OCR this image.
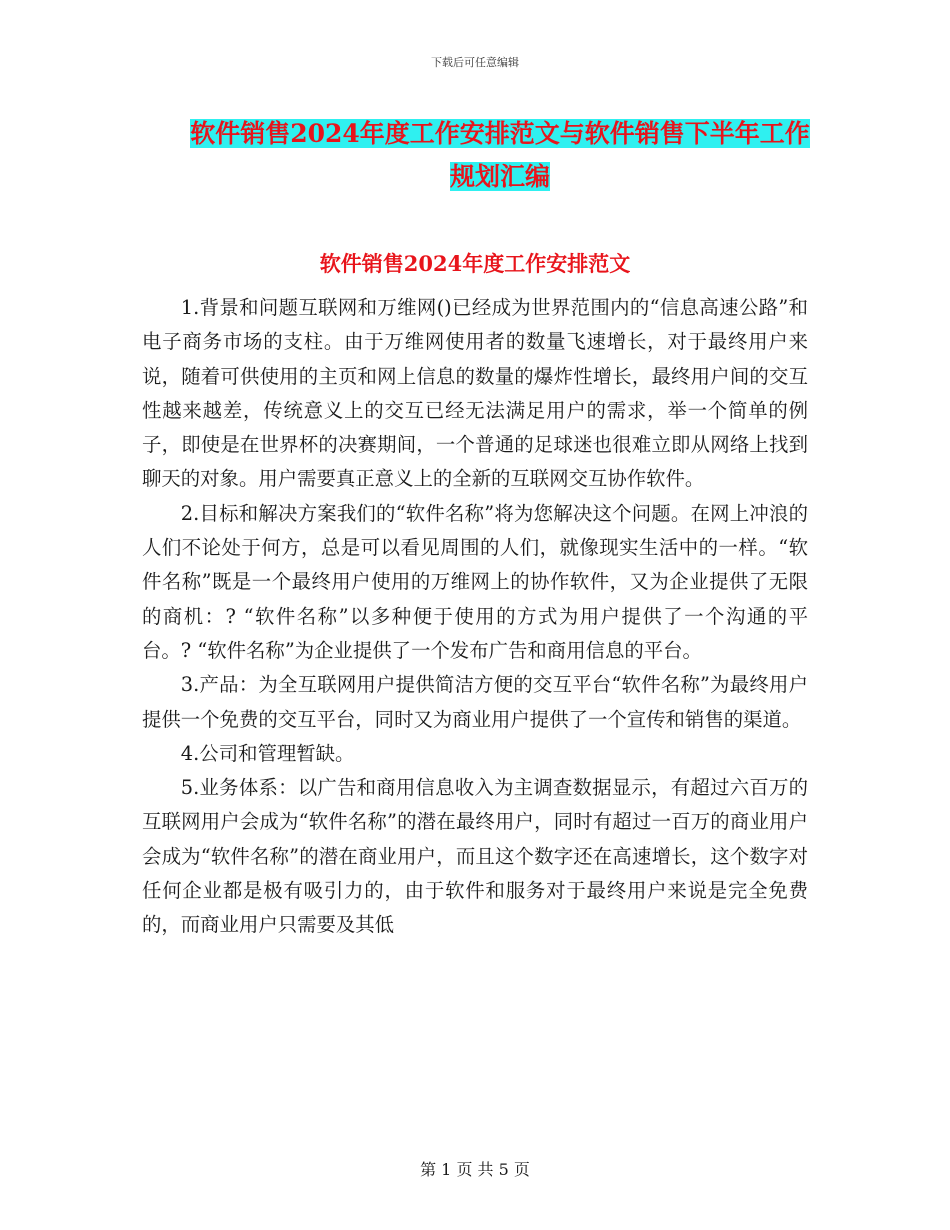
下载后可任意编辑
软件销售2024年度工作安排范文与软件销售下半年工作规划汇编
软件销售2024年度工作安排范文

1.背景和问题互联网和万维网()已经成为世界范围内的“信息高速公路”和电子商务市场的支柱。由于万维网使用者的数量飞速增长，对于最终用户来说，随着可供使用的主页和网上信息的数量的爆炸性增长，最终用户间的交互性越来越差，传统意义上的交互已经无法满足用户的需求，举一个简单的例子，即使是在世界杯的决赛期间，一个普通的足球迷也很难立即从网络上找到聊天的对象。用户需要真正意义上的全新的互联网交互协作软件。

2.目标和解决方案我们的“软件名称”将为您解决这个问题。在网上冲浪的人们不论处于何方，总是可以看见周围的人们，就像现实生活中的一样。“软件名称”既是一个最终用户使用的万维网上的协作软件，又为企业提供了无限的商机：? “软件名称”以多种便于使用的方式为用户提供了一个沟通的平台。? “软件名称”为企业提供了一个发布广告和商用信息的平台。

3.产品：为全互联网用户提供简洁方便的交互平台“软件名称”为最终用户提供一个免费的交互平台，同时又为商业用户提供了一个宣传和销售的渠道。

4.公司和管理暂缺。

5.业务体系：以广告和商用信息收入为主调查数据显示，有超过六百万的互联网用户会成为“软件名称”的潜在最终用户，同时有超过一百万的商业用户会成为“软件名称”的潜在商业用户，而且这个数字还在高速增长，这个数字对任何企业都是极有吸引力的，由于软件和服务对于最终用户来说是完全免费的，而商业用户只需要及其低

第 1 页 共 5 页
